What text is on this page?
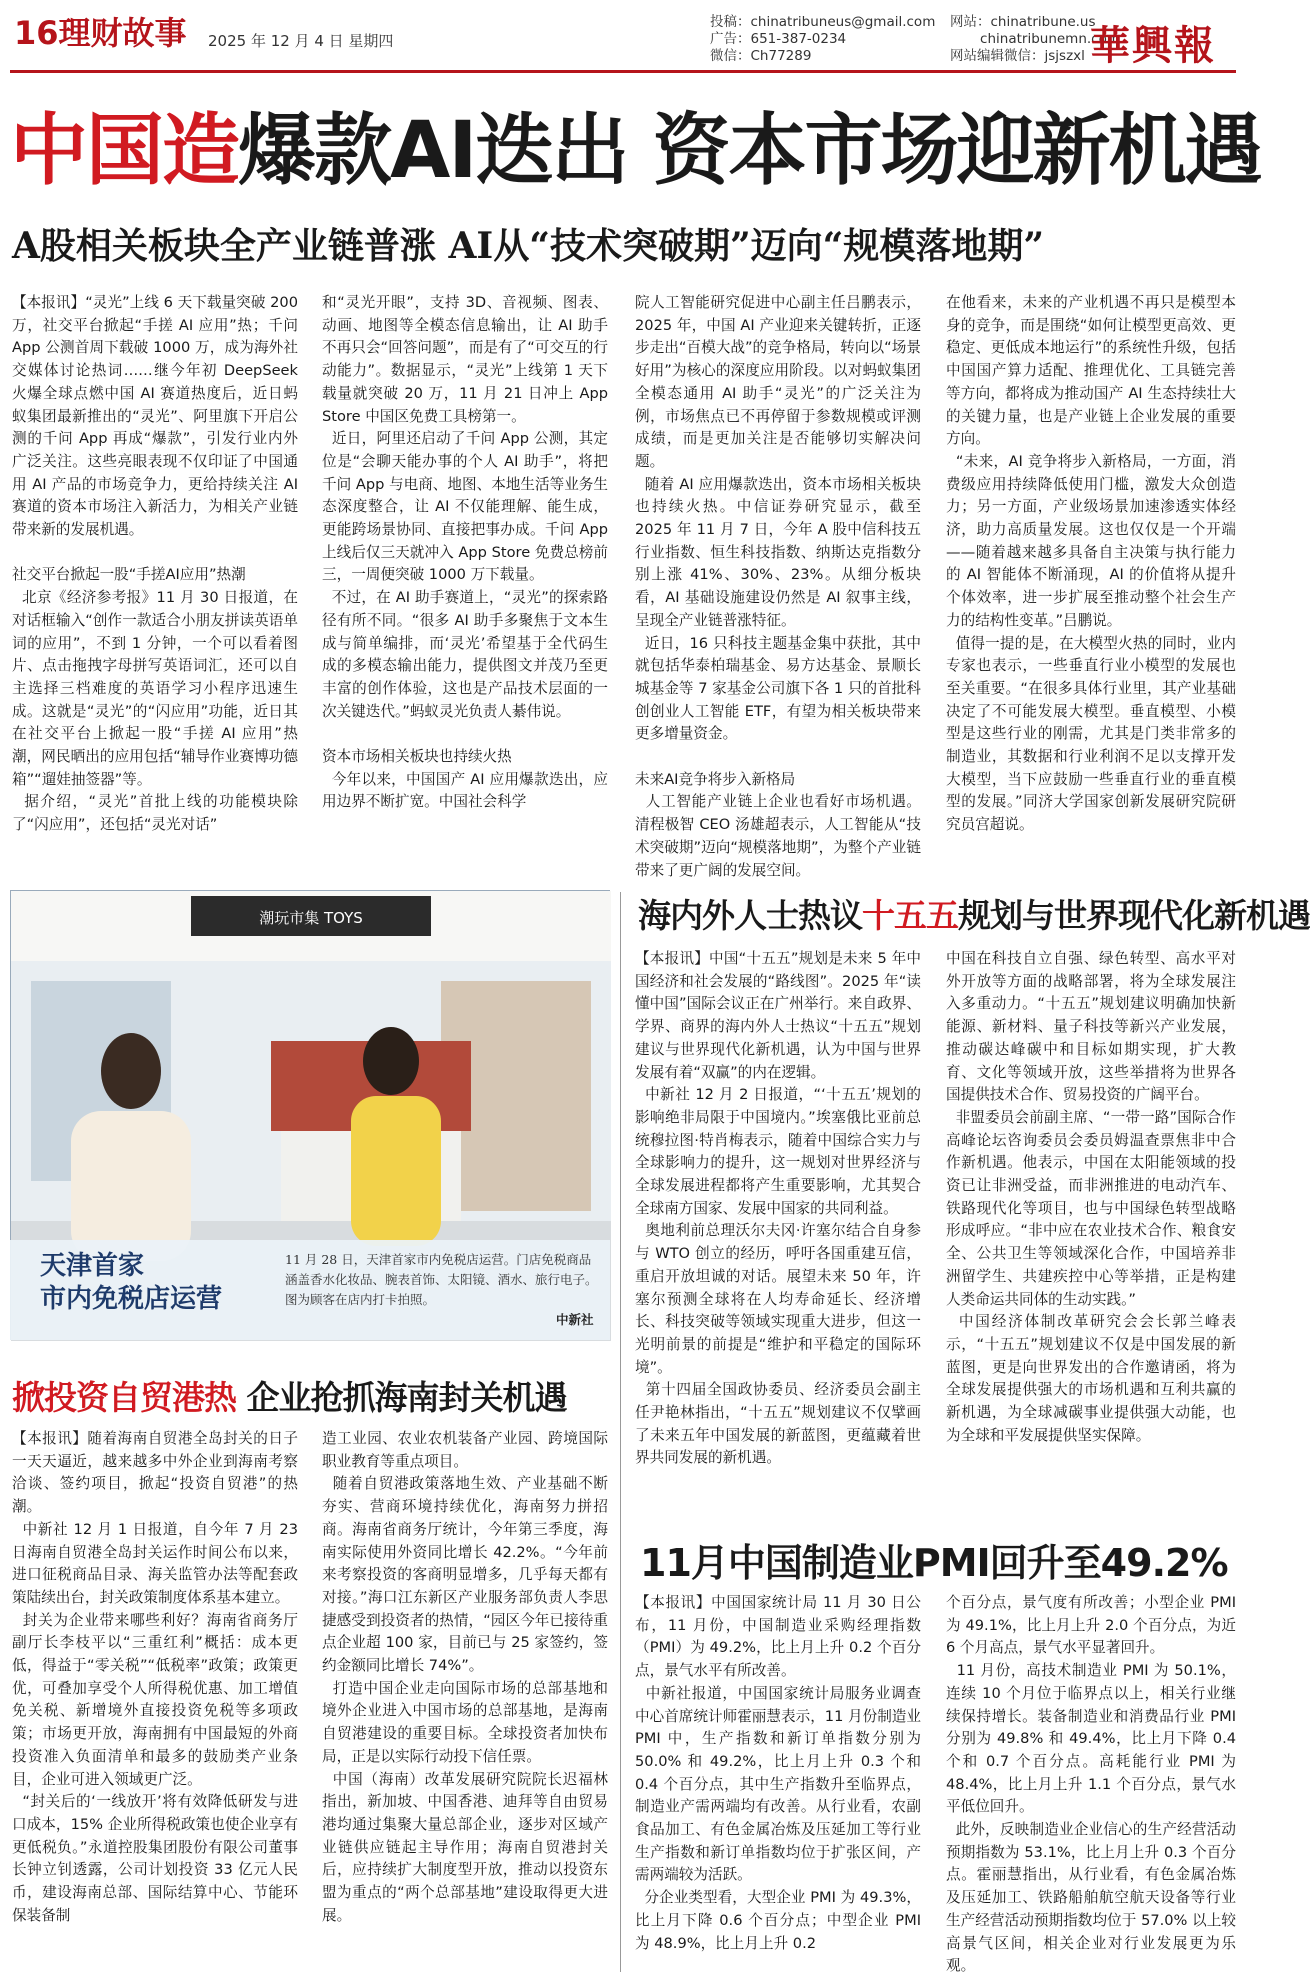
16理财故事 2025 年 12 月 4 日 星期四
投稿：chinatribuneus@gmail.com
广告：651-387-0234
微信：Ch77289
网站：chinatribune.us
chinatribunemn.com
网站编辑微信：jsjszxl 華興報
中国造爆款AI迭出 资本市场迎新机遇
A股相关板块全产业链普涨 AI从“技术突破期”迈向“规模落地期”
【本报讯】“灵光”上线 6 天下载量突破 200 万，社交平台掀起“手搓 AI 应用”热；千问 App 公测首周下载破 1000 万，成为海外社交媒体讨论热词……继今年初 DeepSeek 火爆全球点燃中国 AI 赛道热度后，近日蚂蚁集团最新推出的“灵光”、阿里旗下开启公测的千问 App 再成“爆款”，引发行业内外广泛关注。这些亮眼表现不仅印证了中国通用 AI 产品的市场竞争力，更给持续关注 AI 赛道的资本市场注入新活力，为相关产业链带来新的发展机遇。

社交平台掀起一股“手搓AI应用”热潮
北京《经济参考报》11 月 30 日报道，在对话框输入“创作一款适合小朋友拼读英语单词的应用”，不到 1 分钟，一个可以看着图片、点击拖拽字母拼写英语词汇，还可以自主选择三档难度的英语学习小程序迅速生成。这就是“灵光”的“闪应用”功能，近日其在社交平台上掀起一股“手搓 AI 应用”热潮，网民晒出的应用包括“辅导作业赛博功德箱”“遛娃抽签器”等。
据介绍，“灵光”首批上线的功能模块除了“闪应用”，还包括“灵光对话”
和“灵光开眼”，支持 3D、音视频、图表、动画、地图等全模态信息输出，让 AI 助手不再只会“回答问题”，而是有了“可交互的行动能力”。数据显示，“灵光”上线第 1 天下载量就突破 20 万，11 月 21 日冲上 App Store 中国区免费工具榜第一。
近日，阿里还启动了千问 App 公测，其定位是“会聊天能办事的个人 AI 助手”，将把千问 App 与电商、地图、本地生活等业务生态深度整合，让 AI 不仅能理解、能生成，更能跨场景协同、直接把事办成。千问 App 上线后仅三天就冲入 App Store 免费总榜前三，一周便突破 1000 万下载量。
不过，在 AI 助手赛道上，“灵光”的探索路径有所不同。“很多 AI 助手多聚焦于文本生成与简单编排，而‘灵光’希望基于全代码生成的多模态输出能力，提供图文并茂乃至更丰富的创作体验，这也是产品技术层面的一次关键迭代。”蚂蚁灵光负责人綦伟说。

资本市场相关板块也持续火热
今年以来，中国国产 AI 应用爆款迭出，应用边界不断扩宽。中国社会科学
院人工智能研究促进中心副主任吕鹏表示，2025 年，中国 AI 产业迎来关键转折，正逐步走出“百模大战”的竞争格局，转向以“场景好用”为核心的深度应用阶段。以对蚂蚁集团全模态通用 AI 助手“灵光”的广泛关注为例，市场焦点已不再停留于参数规模或评测成绩，而是更加关注是否能够切实解决问题。
随着 AI 应用爆款迭出，资本市场相关板块也持续火热。中信证券研究显示，截至 2025 年 11 月 7 日，今年 A 股中信科技五行业指数、恒生科技指数、纳斯达克指数分别上涨 41%、30%、23%。从细分板块看，AI 基础设施建设仍然是 AI 叙事主线，呈现全产业链普涨特征。
近日，16 只科技主题基金集中获批，其中就包括华泰柏瑞基金、易方达基金、景顺长城基金等 7 家基金公司旗下各 1 只的首批科创创业人工智能 ETF，有望为相关板块带来更多增量资金。

未来AI竞争将步入新格局
人工智能产业链上企业也看好市场机遇。清程极智 CEO 汤雄超表示，人工智能从“技术突破期”迈向“规模落地期”，为整个产业链带来了更广阔的发展空间。
在他看来，未来的产业机遇不再只是模型本身的竞争，而是围绕“如何让模型更高效、更稳定、更低成本地运行”的系统性升级，包括中国国产算力适配、推理优化、工具链完善等方向，都将成为推动国产 AI 生态持续壮大的关键力量，也是产业链上企业发展的重要方向。
“未来，AI 竞争将步入新格局，一方面，消费级应用持续降低使用门槛，激发大众创造力；另一方面，产业级场景加速渗透实体经济，助力高质量发展。这也仅仅是一个开端——随着越来越多具备自主决策与执行能力的 AI 智能体不断涌现，AI 的价值将从提升个体效率，进一步扩展至推动整个社会生产力的结构性变革。”吕鹏说。
值得一提的是，在大模型火热的同时，业内专家也表示，一些垂直行业小模型的发展也至关重要。“在很多具体行业里，其产业基础决定了不可能发展大模型。垂直模型、小模型是这些行业的刚需，尤其是门类非常多的制造业，其数据和行业利润不足以支撑开发大模型，当下应鼓励一些垂直行业的垂直模型的发展。”同济大学国家创新发展研究院研究员宫超说。
潮玩市集 TOYS
天津首家
市内免税店运营
11 月 28 日，天津首家市内免税店运营。门店免税商品涵盖香水化妆品、腕表首饰、太阳镜、酒水、旅行电子。图为顾客在店内打卡拍照。
中新社
掀投资自贸港热 企业抢抓海南封关机遇
【本报讯】随着海南自贸港全岛封关的日子一天天逼近，越来越多中外企业到海南考察洽谈、签约项目，掀起“投资自贸港”的热潮。
中新社 12 月 1 日报道，自今年 7 月 23 日海南自贸港全岛封关运作时间公布以来，进口征税商品目录、海关监管办法等配套政策陆续出台，封关政策制度体系基本建立。
封关为企业带来哪些利好？海南省商务厅副厅长李枝平以“三重红利”概括：成本更低，得益于“零关税”“低税率”政策；政策更优，可叠加享受个人所得税优惠、加工增值免关税、新增境外直接投资免税等多项政策；市场更开放，海南拥有中国最短的外商投资准入负面清单和最多的鼓励类产业条目，企业可进入领域更广泛。
“封关后的‘一线放开’将有效降低研发与进口成本，15% 企业所得税政策也使企业享有更低税负。”永道控股集团股份有限公司董事长钟立钊透露，公司计划投资 33 亿元人民币，建设海南总部、国际结算中心、节能环保装备制
造工业园、农业农机装备产业园、跨境国际职业教育等重点项目。
随着自贸港政策落地生效、产业基础不断夯实、营商环境持续优化，海南努力拼招商。海南省商务厅统计，今年第三季度，海南实际使用外资同比增长 42.2%。“今年前来考察投资的客商明显增多，几乎每天都有对接。”海口江东新区产业服务部负责人李思捷感受到投资者的热情，“园区今年已接待重点企业超 100 家，目前已与 25 家签约，签约金额同比增长 74%”。
打造中国企业走向国际市场的总部基地和境外企业进入中国市场的总部基地，是海南自贸港建设的重要目标。全球投资者加快布局，正是以实际行动投下信任票。
中国（海南）改革发展研究院院长迟福林指出，新加坡、中国香港、迪拜等自由贸易港均通过集聚大量总部企业，逐步对区域产业链供应链起主导作用；海南自贸港封关后，应持续扩大制度型开放，推动以投资东盟为重点的“两个总部基地”建设取得更大进展。
海内外人士热议十五五规划与世界现代化新机遇
【本报讯】中国“十五五”规划是未来 5 年中国经济和社会发展的“路线图”。2025 年“读懂中国”国际会议正在广州举行。来自政界、学界、商界的海内外人士热议“十五五”规划建议与世界现代化新机遇，认为中国与世界发展有着“双赢”的内在逻辑。
中新社 12 月 2 日报道，“‘十五五’规划的影响绝非局限于中国境内。”埃塞俄比亚前总统穆拉图·特肖梅表示，随着中国综合实力与全球影响力的提升，这一规划对世界经济与全球发展进程都将产生重要影响，尤其契合全球南方国家、发展中国家的共同利益。
奥地利前总理沃尔夫冈·许塞尔结合自身参与 WTO 创立的经历，呼吁各国重建互信，重启开放坦诚的对话。展望未来 50 年，许塞尔预测全球将在人均寿命延长、经济增长、科技突破等领域实现重大进步，但这一光明前景的前提是“维护和平稳定的国际环境”。
第十四届全国政协委员、经济委员会副主任尹艳林指出，“十五五”规划建议不仅擘画了未来五年中国发展的新蓝图，更蕴藏着世界共同发展的新机遇。
中国在科技自立自强、绿色转型、高水平对外开放等方面的战略部署，将为全球发展注入多重动力。“十五五”规划建议明确加快新能源、新材料、量子科技等新兴产业发展，推动碳达峰碳中和目标如期实现，扩大教育、文化等领域开放，这些举措将为世界各国提供技术合作、贸易投资的广阔平台。
非盟委员会前副主席、“一带一路”国际合作高峰论坛咨询委员会委员姆温查票焦非中合作新机遇。他表示，中国在太阳能领域的投资已让非洲受益，而非洲推进的电动汽车、铁路现代化等项目，也与中国绿色转型战略形成呼应。“非中应在农业技术合作、粮食安全、公共卫生等领域深化合作，中国培养非洲留学生、共建疾控中心等举措，正是构建人类命运共同体的生动实践。”
中国经济体制改革研究会会长郭兰峰表示，“十五五”规划建议不仅是中国发展的新蓝图，更是向世界发出的合作邀请函，将为全球发展提供强大的市场机遇和互利共赢的新机遇，为全球减碳事业提供强大动能，也为全球和平发展提供坚实保障。
11月中国制造业PMI回升至49.2%
【本报讯】中国国家统计局 11 月 30 日公布，11 月份，中国制造业采购经理指数（PMI）为 49.2%，比上月上升 0.2 个百分点，景气水平有所改善。
中新社报道，中国国家统计局服务业调查中心首席统计师霍丽慧表示，11 月份制造业 PMI 中，生产指数和新订单指数分别为 50.0% 和 49.2%，比上月上升 0.3 个和 0.4 个百分点，其中生产指数升至临界点，制造业产需两端均有改善。从行业看，农副食品加工、有色金属冶炼及压延加工等行业生产指数和新订单指数均位于扩张区间，产需两端较为活跃。
分企业类型看，大型企业 PMI 为 49.3%，比上月下降 0.6 个百分点；中型企业 PMI 为 48.9%，比上月上升 0.2
个百分点，景气度有所改善；小型企业 PMI 为 49.1%，比上月上升 2.0 个百分点，为近 6 个月高点，景气水平显著回升。
11 月份，高技术制造业 PMI 为 50.1%，连续 10 个月位于临界点以上，相关行业继续保持增长。装备制造业和消费品行业 PMI 分别为 49.8% 和 49.4%，比上月下降 0.4 个和 0.7 个百分点。高耗能行业 PMI 为 48.4%，比上月上升 1.1 个百分点，景气水平低位回升。
此外，反映制造业企业信心的生产经营活动预期指数为 53.1%，比上月上升 0.3 个百分点。霍丽慧指出，从行业看，有色金属冶炼及压延加工、铁路船舶航空航天设备等行业生产经营活动预期指数均位于 57.0% 以上较高景气区间，相关企业对行业发展更为乐观。
